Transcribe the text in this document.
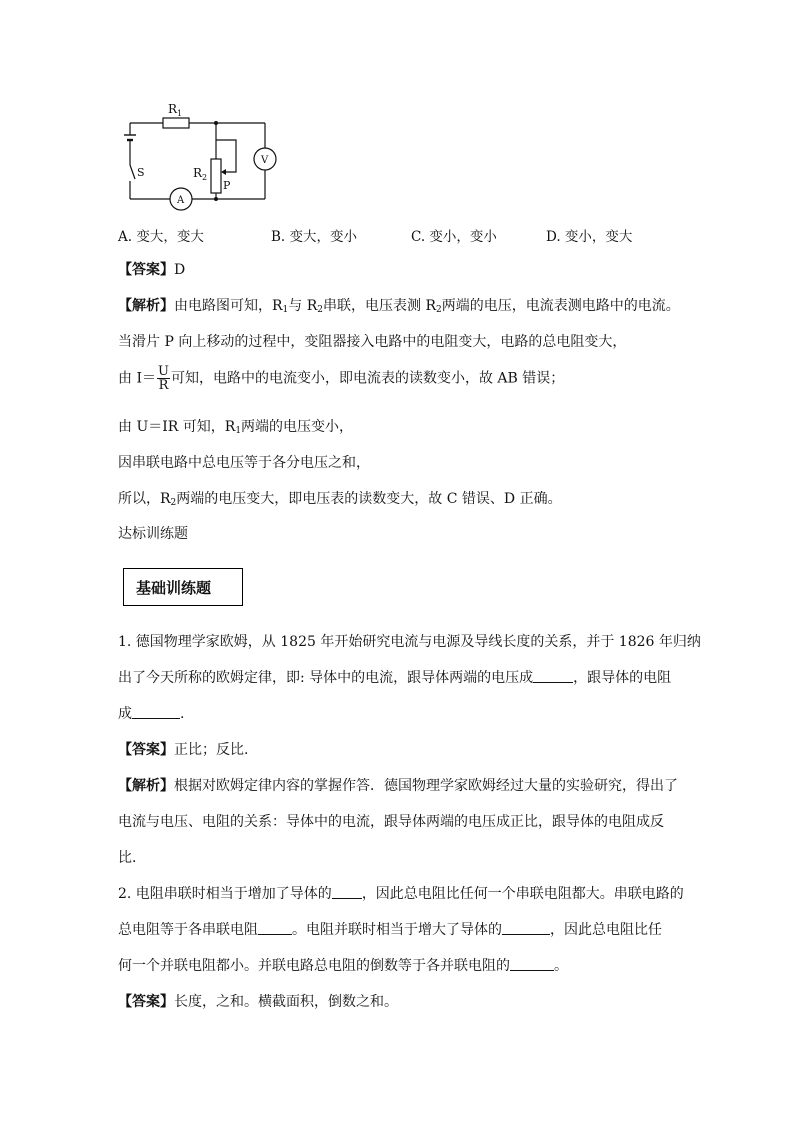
$R_1$
$R_2$
P
S
A
V
A. 变大，变大	B. 变大，变小	C. 变小，变小	D. 变小，变大
【答案】D
【解析】由电路图可知，$R_1$与 $R_2$串联，电压表测 $R_2$两端的电压，电流表测电路中的电流。
当滑片 P 向上移动的过程中，变阻器接入电路中的电阻变大，电路的总电阻变大，
由 $I= \frac{U}{R}$ 可知，电路中的电流变小，即电流表的读数变小，故 AB 错误；
由 U＝IR 可知，$R_1$两端的电压变小，
因串联电路中总电压等于各分电压之和，
所以，$R_2$两端的电压变大，即电压表的读数变大，故 C 错误、D 正确。
达标训练题
基础训练题
1. 德国物理学家欧姆，从 1825 年开始研究电流与电源及导线长度的关系，并于 1826 年归纳
出了今天所称的欧姆定律，即: 导体中的电流，跟导体两端的电压成	，跟导体的电阻
成	.
【答案】正比；反比.
【解析】根据对欧姆定律内容的掌握作答．德国物理学家欧姆经过大量的实验研究，得出了
电流与电压、电阻的关系：导体中的电流，跟导体两端的电压成正比，跟导体的电阻成反
比．
2. 电阻串联时相当于增加了导体的 ，因此总电阻比任何一个串联电阻都大。串联电路的
总电阻等于各串联电阻 。电阻并联时相当于增大了导体的	，因此总电阻比任
何一个并联电阻都小。并联电路总电阻的倒数等于各并联电阻的	。
【答案】长度，之和。横截面积，倒数之和。
